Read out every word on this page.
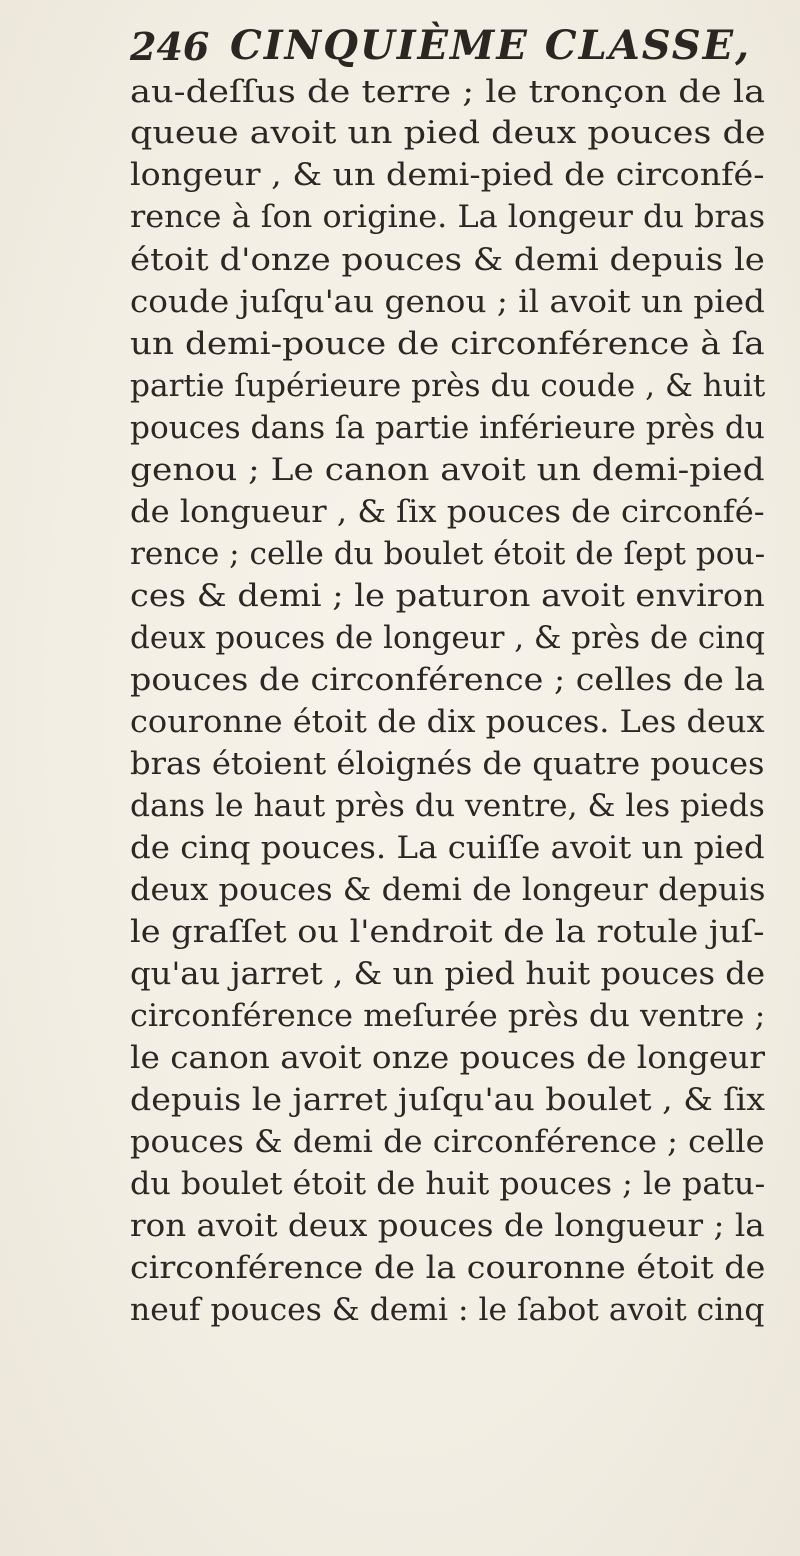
246 CINQUIÈME CLASSE,
au-deſſus de terre ; le tronçon de la
queue avoit un pied deux pouces de
longeur , & un demi-pied de circonfé-
rence à ſon origine. La longeur du bras
étoit d'onze pouces & demi depuis le
coude juſqu'au genou ; il avoit un pied
un demi-pouce de circonférence à ſa
partie ſupérieure près du coude , & huit
pouces dans ſa partie inférieure près du
genou ; Le canon avoit un demi-pied
de longueur , & ſix pouces de circonfé-
rence ; celle du boulet étoit de ſept pou-
ces & demi ; le paturon avoit environ
deux pouces de longeur , & près de cinq
pouces de circonférence ; celles de la
couronne étoit de dix pouces. Les deux
bras étoient éloignés de quatre pouces
dans le haut près du ventre, & les pieds
de cinq pouces. La cuiſſe avoit un pied
deux pouces & demi de longeur depuis
le graſſet ou l'endroit de la rotule juſ-
qu'au jarret , & un pied huit pouces de
circonférence meſurée près du ventre ;
le canon avoit onze pouces de longeur
depuis le jarret juſqu'au boulet , & ſix
pouces & demi de circonférence ; celle
du boulet étoit de huit pouces ; le patu-
ron avoit deux pouces de longueur ; la
circonférence de la couronne étoit de
neuf pouces & demi : le ſabot avoit cinq
